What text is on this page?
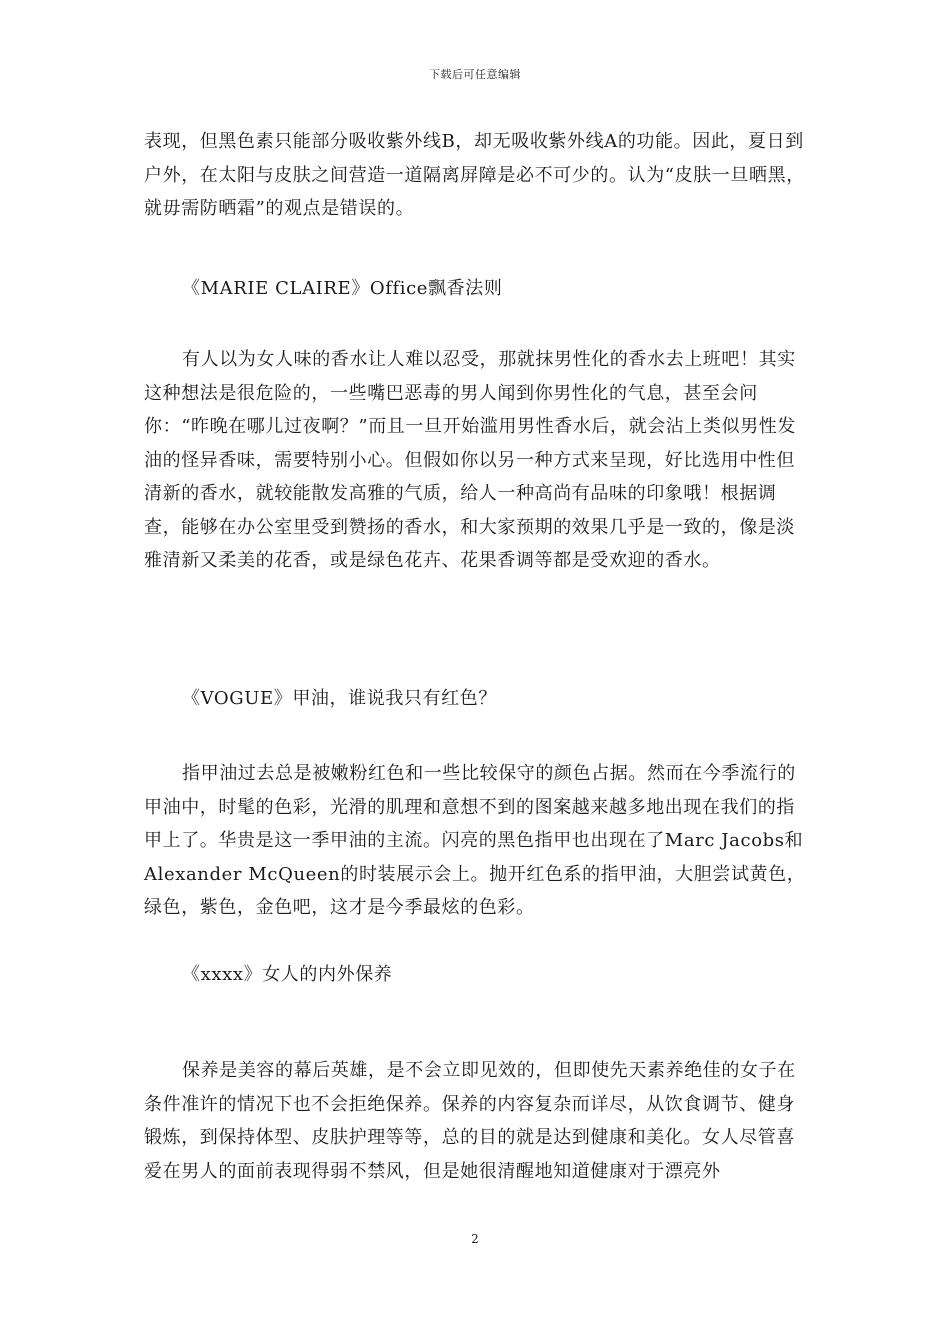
下载后可任意编辑

表现，但黑色素只能部分吸收紫外线B，却无吸收紫外线A的功能。因此，夏日到户外，在太阳与皮肤之间营造一道隔离屏障是必不可少的。认为“皮肤一旦晒黑，就毋需防晒霜”的观点是错误的。

《MARIE CLAIRE》Office飘香法则

有人以为女人味的香水让人难以忍受，那就抹男性化的香水去上班吧！其实这种想法是很危险的，一些嘴巴恶毒的男人闻到你男性化的气息，甚至会问你：“昨晚在哪儿过夜啊？”而且一旦开始滥用男性香水后，就会沾上类似男性发油的怪异香味，需要特别小心。但假如你以另一种方式来呈现，好比选用中性但清新的香水，就较能散发高雅的气质，给人一种高尚有品味的印象哦！根据调查，能够在办公室里受到赞扬的香水，和大家预期的效果几乎是一致的，像是淡雅清新又柔美的花香，或是绿色花卉、花果香调等都是受欢迎的香水。

《VOGUE》甲油，谁说我只有红色？

指甲油过去总是被嫩粉红色和一些比较保守的颜色占据。然而在今季流行的甲油中，时髦的色彩，光滑的肌理和意想不到的图案越来越多地出现在我们的指甲上了。华贵是这一季甲油的主流。闪亮的黑色指甲也出现在了Marc Jacobs和Alexander McQueen的时装展示会上。抛开红色系的指甲油，大胆尝试黄色，绿色，紫色，金色吧，这才是今季最炫的色彩。

《xxxx》女人的内外保养

保养是美容的幕后英雄，是不会立即见效的，但即使先天素养绝佳的女子在条件准许的情况下也不会拒绝保养。保养的内容复杂而详尽，从饮食调节、健身锻炼，到保持体型、皮肤护理等等，总的目的就是达到健康和美化。女人尽管喜爱在男人的面前表现得弱不禁风，但是她很清醒地知道健康对于漂亮外

2
